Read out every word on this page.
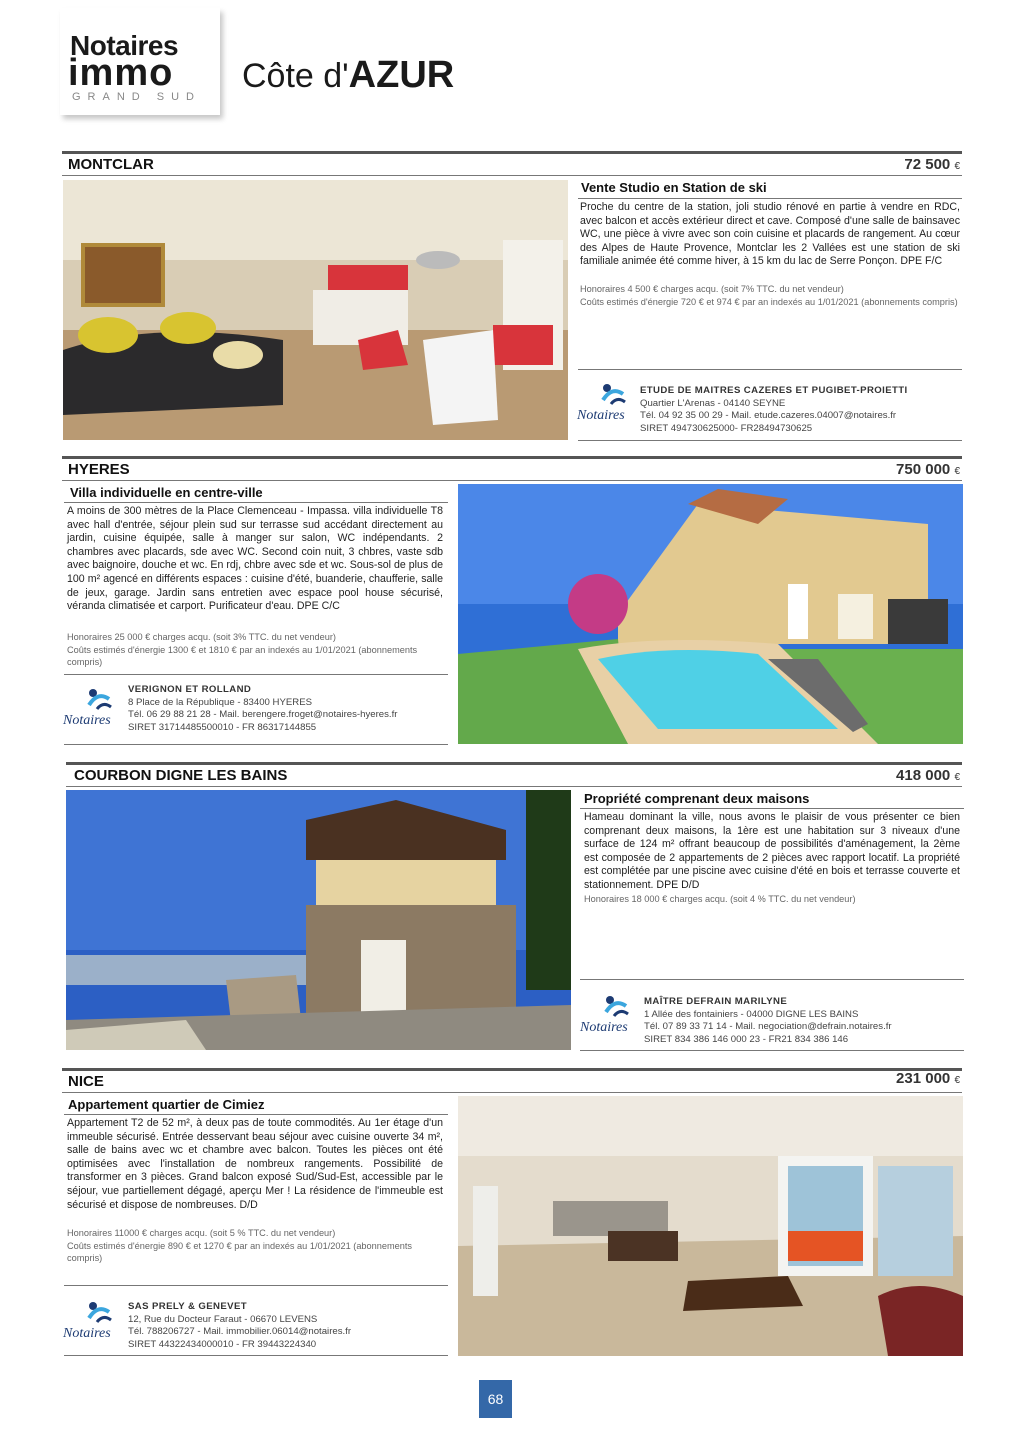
Notaires
immo
GRAND SUD
Côte d'AZUR
MONTCLAR	72 500 €
Vente Studio en Station de ski

Proche du centre de la station, joli studio rénové en partie à vendre en RDC, avec balcon et accès extérieur direct et cave. Composé d'une salle de bainsavec WC, une pièce à vivre avec son coin cuisine et placards de rangement. Au cœur des Alpes de Haute Provence, Montclar les 2 Vallées est une station de ski familiale animée été comme hiver, à 15 km du lac de Serre Ponçon. DPE F/C

Honoraires 4 500 € charges acqu. (soit 7% TTC. du net vendeur)

Coûts estimés d'énergie 720 € et 974 € par an indexés au 1/01/2021 (abonnements compris)

Notaires
ETUDE DE MAITRES CAZERES ET PUGIBET-PROIETTI
Quartier L'Arenas - 04140 SEYNE
Tél. 04 92 35 00 29 - Mail. etude.cazeres.04007@notaires.fr
SIRET 494730625000- FR28494730625
HYERES	750 000 €
Villa individuelle en centre-ville

A moins de 300 mètres de la Place Clemenceau - Impassa. villa individuelle T8 avec hall d'entrée, séjour plein sud sur terrasse sud accédant directement au jardin, cuisine équipée, salle à manger sur salon, WC indépendants. 2 chambres avec placards, sde avec WC. Second coin nuit, 3 chbres, vaste sdb avec baignoire, douche et wc. En rdj, chbre avec sde et wc. Sous-sol de plus de 100 m² agencé en différents espaces : cuisine d'été, buanderie, chaufferie, salle de jeux, garage. Jardin sans entretien avec espace pool house sécurisé, véranda climatisée et carport. Purificateur d'eau. DPE C/C

Honoraires 25 000 € charges acqu. (soit 3% TTC. du net vendeur)

Coûts estimés d'énergie 1300 € et 1810 € par an indexés au 1/01/2021 (abonnements compris)

Notaires
VERIGNON ET ROLLAND
8 Place de la République - 83400 HYERES
Tél. 06 29 88 21 28 - Mail. berengere.froget@notaires-hyeres.fr
SIRET 31714485500010 - FR 86317144855
COURBON DIGNE LES BAINS	418 000 €
Propriété comprenant deux maisons

Hameau dominant la ville, nous avons le plaisir de vous présenter ce bien comprenant deux maisons, la 1ère est une habitation sur 3 niveaux d'une surface de 124 m² offrant beaucoup de possibilités d'aménagement, la 2ème est composée de 2 appartements de 2 pièces avec rapport locatif. La propriété est complétée par une piscine avec cuisine d'été en bois et terrasse couverte et stationnement. DPE D/D

Honoraires 18 000 € charges acqu. (soit 4 % TTC. du net vendeur)

Notaires
MAÎTRE DEFRAIN MARILYNE
1 Allée des fontainiers - 04000 DIGNE LES BAINS
Tél. 07 89 33 71 14 - Mail. negociation@defrain.notaires.fr
SIRET 834 386 146 000 23 - FR21 834 386 146
NICE	231 000 €
Appartement quartier de Cimiez

Appartement T2 de 52 m², à deux pas de toute commodités. Au 1er étage d'un immeuble sécurisé. Entrée desservant beau séjour avec cuisine ouverte 34 m², salle de bains avec wc et chambre avec balcon. Toutes les pièces ont été optimisées avec l'installation de nombreux rangements. Possibilité de transformer en 3 pièces. Grand balcon exposé Sud/Sud-Est, accessible par le séjour, vue partiellement dégagé, aperçu Mer ! La résidence de l'immeuble est sécurisé et dispose de nombreuses. D/D

Honoraires 11000 € charges acqu. (soit 5 % TTC. du net vendeur)

Coûts estimés d'énergie 890 € et 1270 € par an indexés au 1/01/2021 (abonnements compris)

Notaires
SAS PRELY & GENEVET
12, Rue du Docteur Faraut - 06670 LEVENS
Tél. 788206727 - Mail. immobilier.06014@notaires.fr
SIRET 44322434000010 - FR 39443224340
68
